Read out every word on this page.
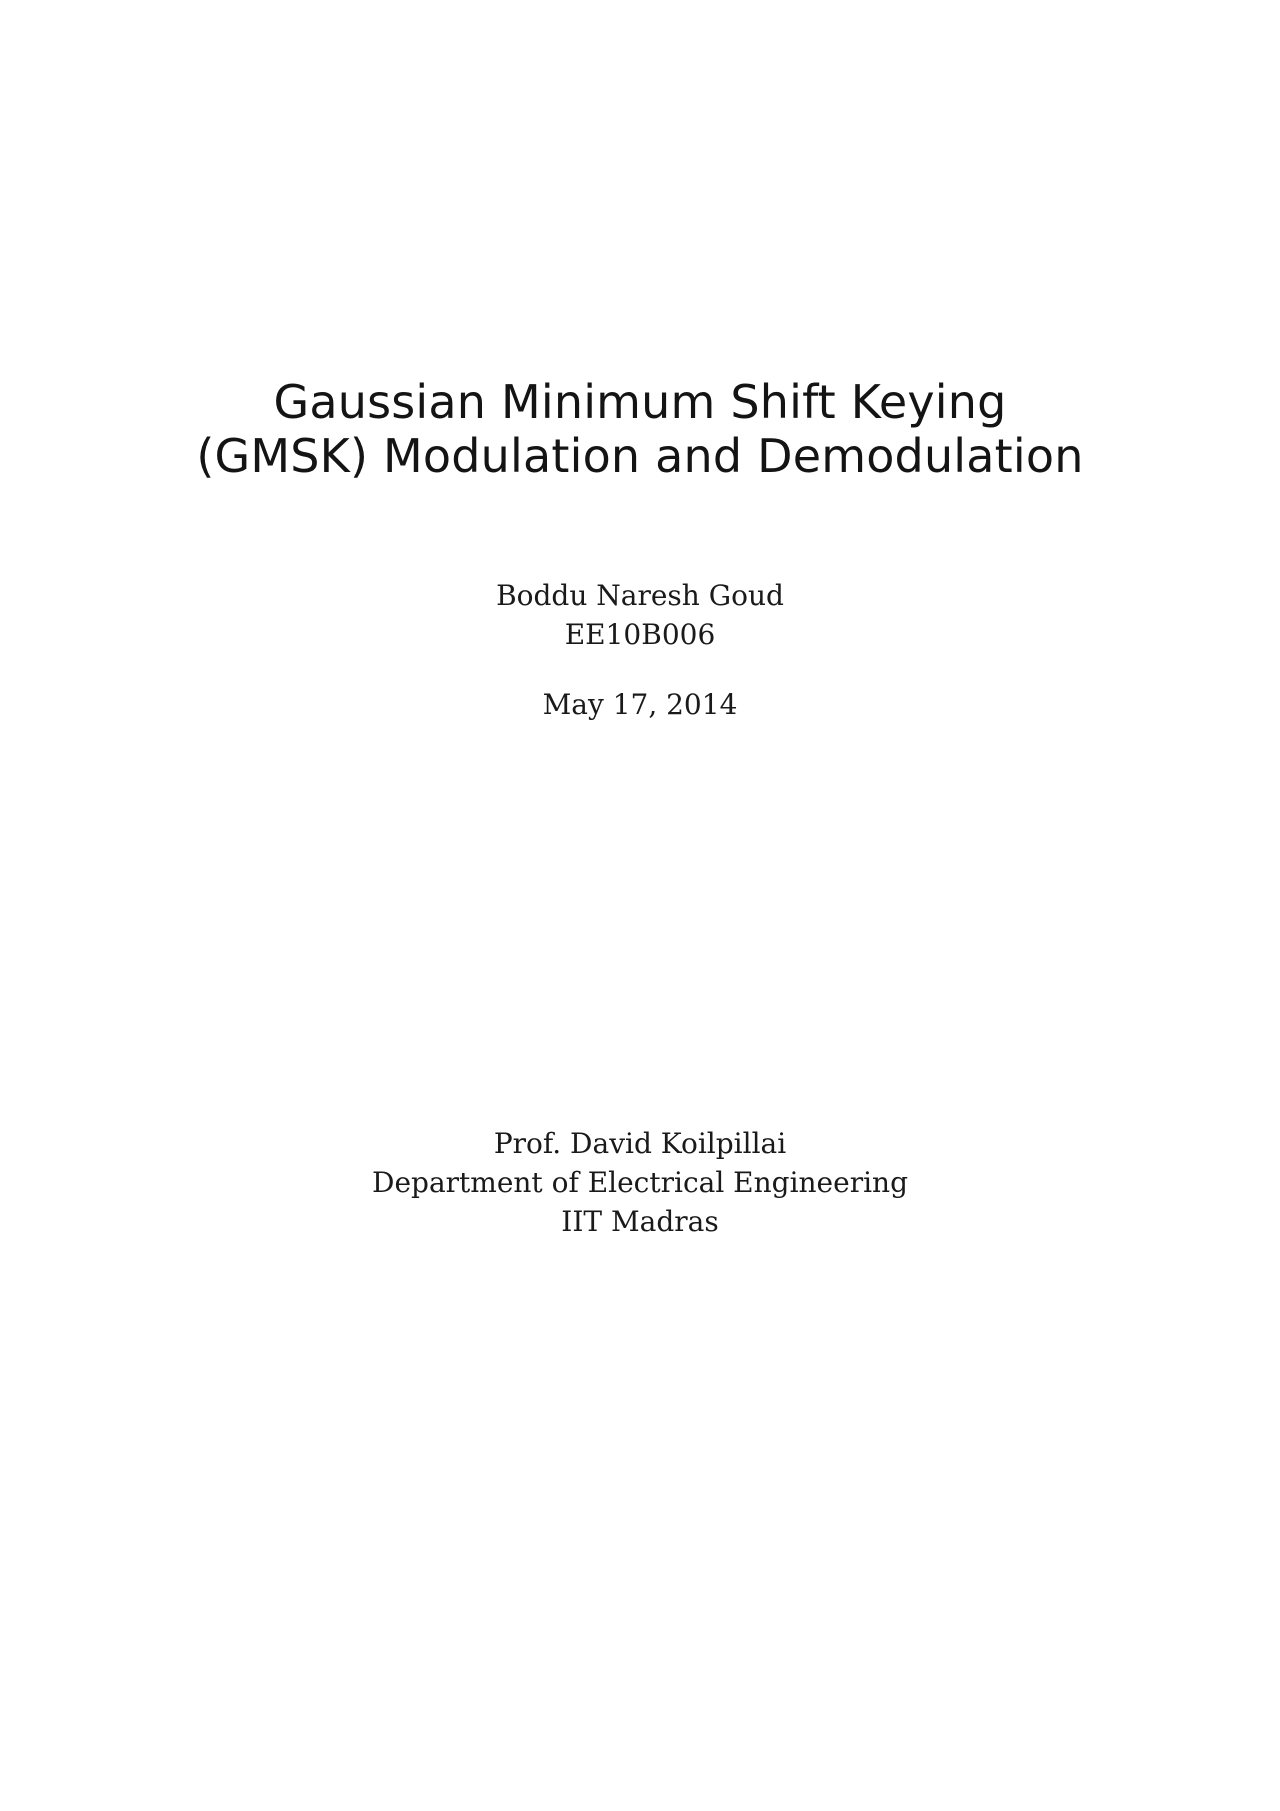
Gaussian Minimum Shift Keying
(GMSK) Modulation and Demodulation
Boddu Naresh Goud
EE10B006
May 17, 2014
Prof. David Koilpillai
Department of Electrical Engineering
IIT Madras
